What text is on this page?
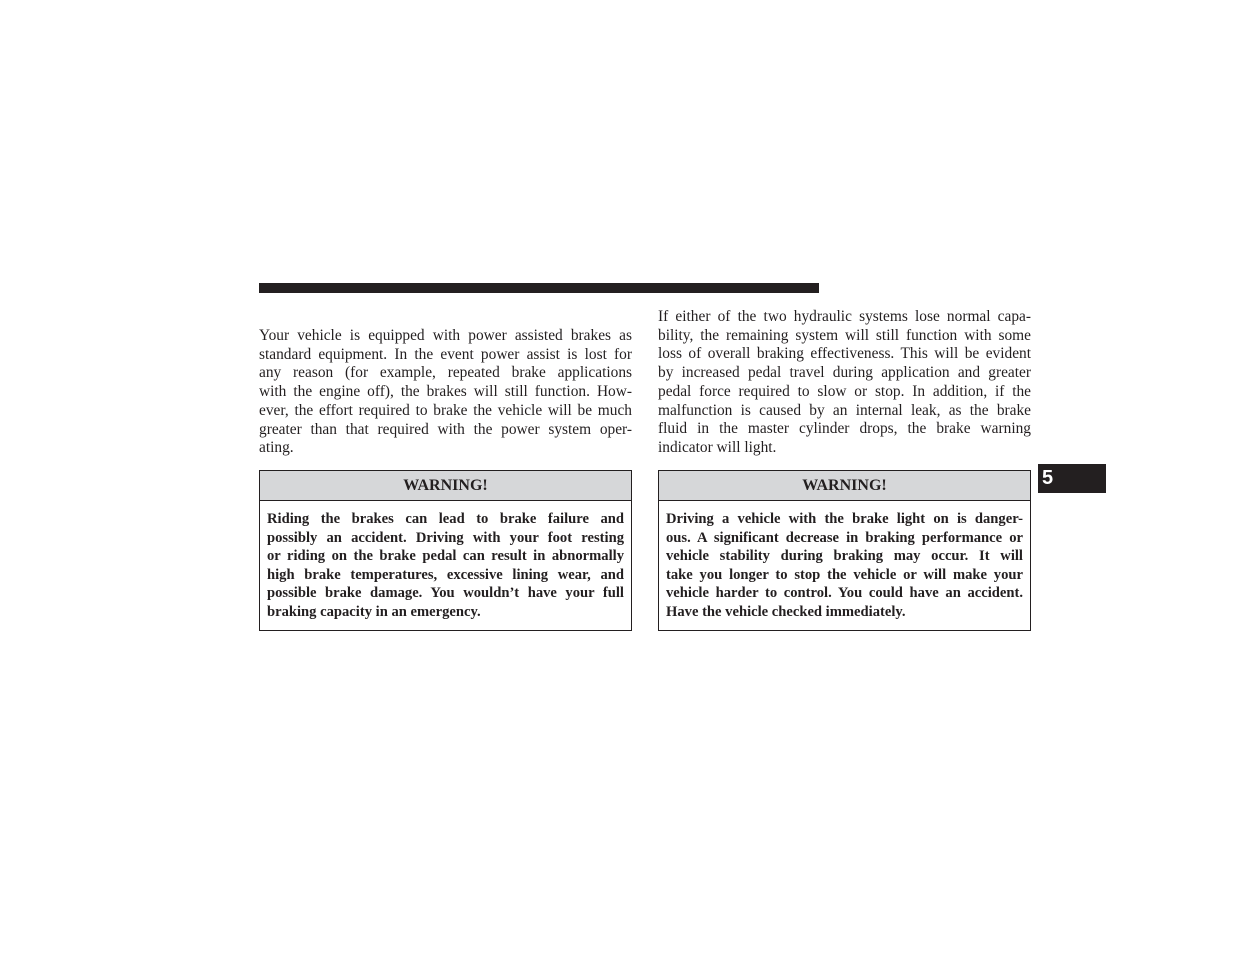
Your vehicle is equipped with power assisted brakes as
standard equipment. In the event power assist is lost for
any reason (for example, repeated brake applications
with the engine off), the brakes will still function. How-
ever, the effort required to brake the vehicle will be much
greater than that required with the power system oper-
ating.

WARNING!
Riding the brakes can lead to brake failure and
possibly an accident. Driving with your foot resting
or riding on the brake pedal can result in abnormally
high brake temperatures, excessive lining wear, and
possible brake damage. You wouldn’t have your full
braking capacity in an emergency.

If either of the two hydraulic systems lose normal capa-
bility, the remaining system will still function with some
loss of overall braking effectiveness. This will be evident
by increased pedal travel during application and greater
pedal force required to slow or stop. In addition, if the
malfunction is caused by an internal leak, as the brake
fluid in the master cylinder drops, the brake warning
indicator will light.

WARNING!
Driving a vehicle with the brake light on is danger-
ous. A significant decrease in braking performance or
vehicle stability during braking may occur. It will
take you longer to stop the vehicle or will make your
vehicle harder to control. You could have an accident.
Have the vehicle checked immediately.
5
